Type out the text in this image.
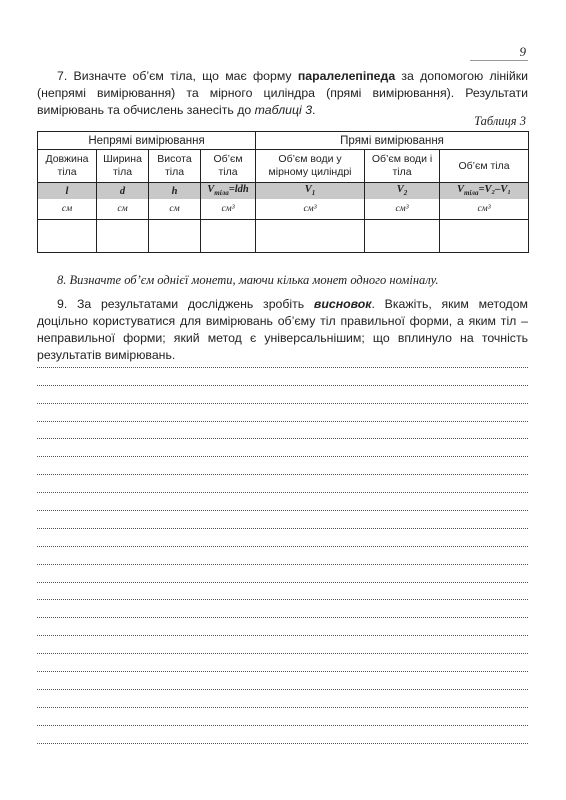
9
7. Визначте об’єм тіла, що має форму паралелепіпеда за допомогою лінійки (непрямі вимірювання) та мірного циліндра (прямі вимірювання). Результати вимірювань та обчислень занесіть до таблиці 3.
Таблиця 3
Непрямі вимірювання				Прямі вимірювання		
Довжина тіла	Ширина тіла	Висота тіла	Об’єм тіла	Об’єм води у мірному циліндрі	Об’єм води і тіла	Об’єм тіла
l	d	h	$V_{тіла}=ldh$	$V_1$	$V_2$	$V_{тіла}=V_2-V_1$
см	см	см	см³	см³	см³	см³

8. Визначте об’єм однієї монети, маючи кілька монет одного номіналу.
9. За результатами досліджень зробіть висновок. Вкажіть, яким методом доцільно користуватися для вимірювань об’єму тіл правильної форми, а яким тіл – неправильної форми; який метод є універсальнішим; що вплинуло на точність результатів вимірювань.
